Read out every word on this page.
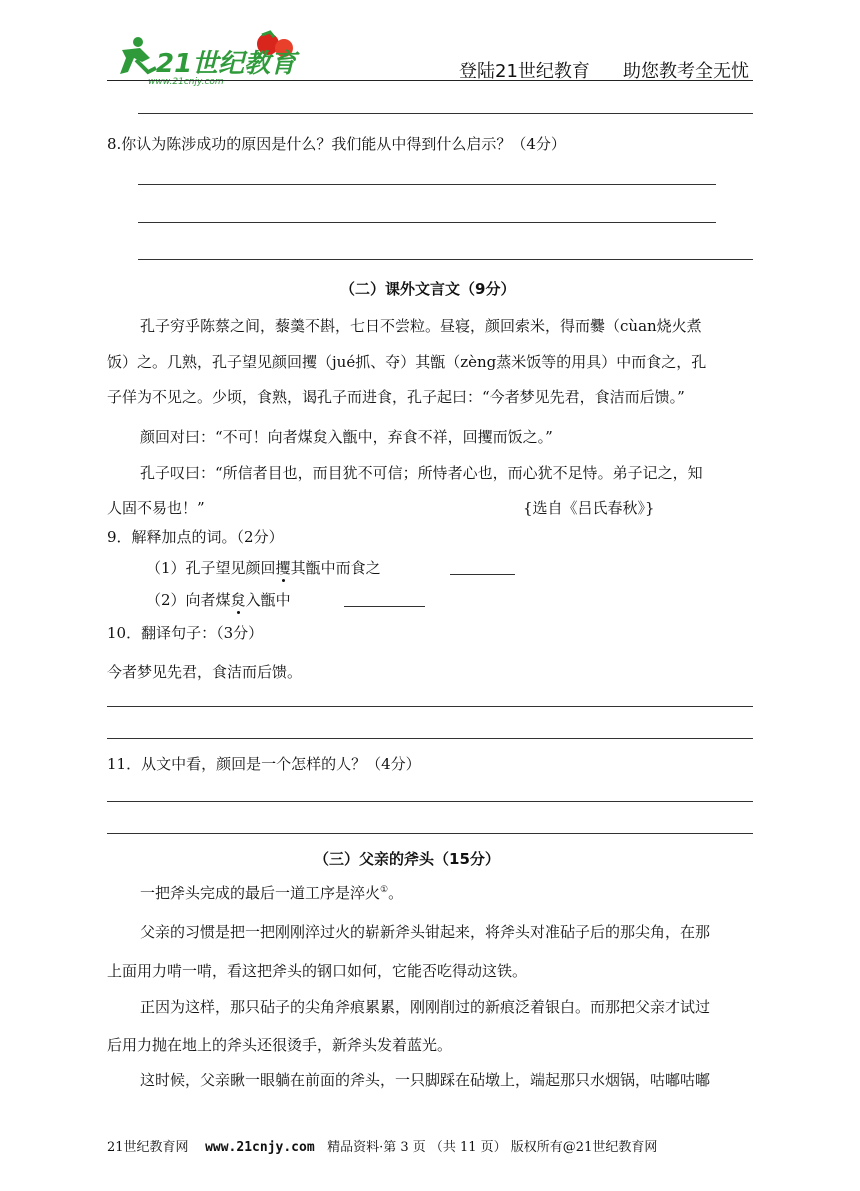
21世纪教育
www.21cnjy.com	登陆21世纪教育 助您教考全无忧
8.你认为陈涉成功的原因是什么？我们能从中得到什么启示？（4分）
（二）课外文言文（9分）
孔子穷乎陈蔡之间，藜羹不斟，七日不尝粒。昼寝，颜回索米，得而爨（cùan烧火煮
饭）之。几熟，孔子望见颜回攫（jué抓、夺）其甑（zèng蒸米饭等的用具）中而食之，孔
子佯为不见之。少顷，食熟，谒孔子而进食，孔子起曰：“今者梦见先君，食洁而后馈。”
颜回对曰：“不可！向者煤炱入甑中，弃食不祥，回攫而饭之。”
孔子叹曰：“所信者目也，而目犹不可信；所恃者心也，而心犹不足恃。弟子记之，知
人固不易也！”	{选自《吕氏春秋》}
9．解释加点的词。（2分）
（1）孔子望见颜回攫其甑中而食之
（2）向者煤炱入甑中
10．翻译句子：（3分）
今者梦见先君，食洁而后馈。
11．从文中看，颜回是一个怎样的人？（4分）
（三）父亲的斧头（15分）
一把斧头完成的最后一道工序是淬火①。
父亲的习惯是把一把刚刚淬过火的崭新斧头钳起来，将斧头对准砧子后的那尖角，在那
上面用力啃一啃，看这把斧头的钢口如何，它能否吃得动这铁。
正因为这样，那只砧子的尖角斧痕累累，刚刚削过的新痕泛着银白。而那把父亲才试过
后用力抛在地上的斧头还很烫手，新斧头发着蓝光。
这时候，父亲瞅一眼躺在前面的斧头，一只脚踩在砧墩上，端起那只水烟锅，咕嘟咕嘟
21世纪教育网 www.21cnjy.com 精品资料·第 3 页 （共 11 页） 版权所有@21世纪教育网
